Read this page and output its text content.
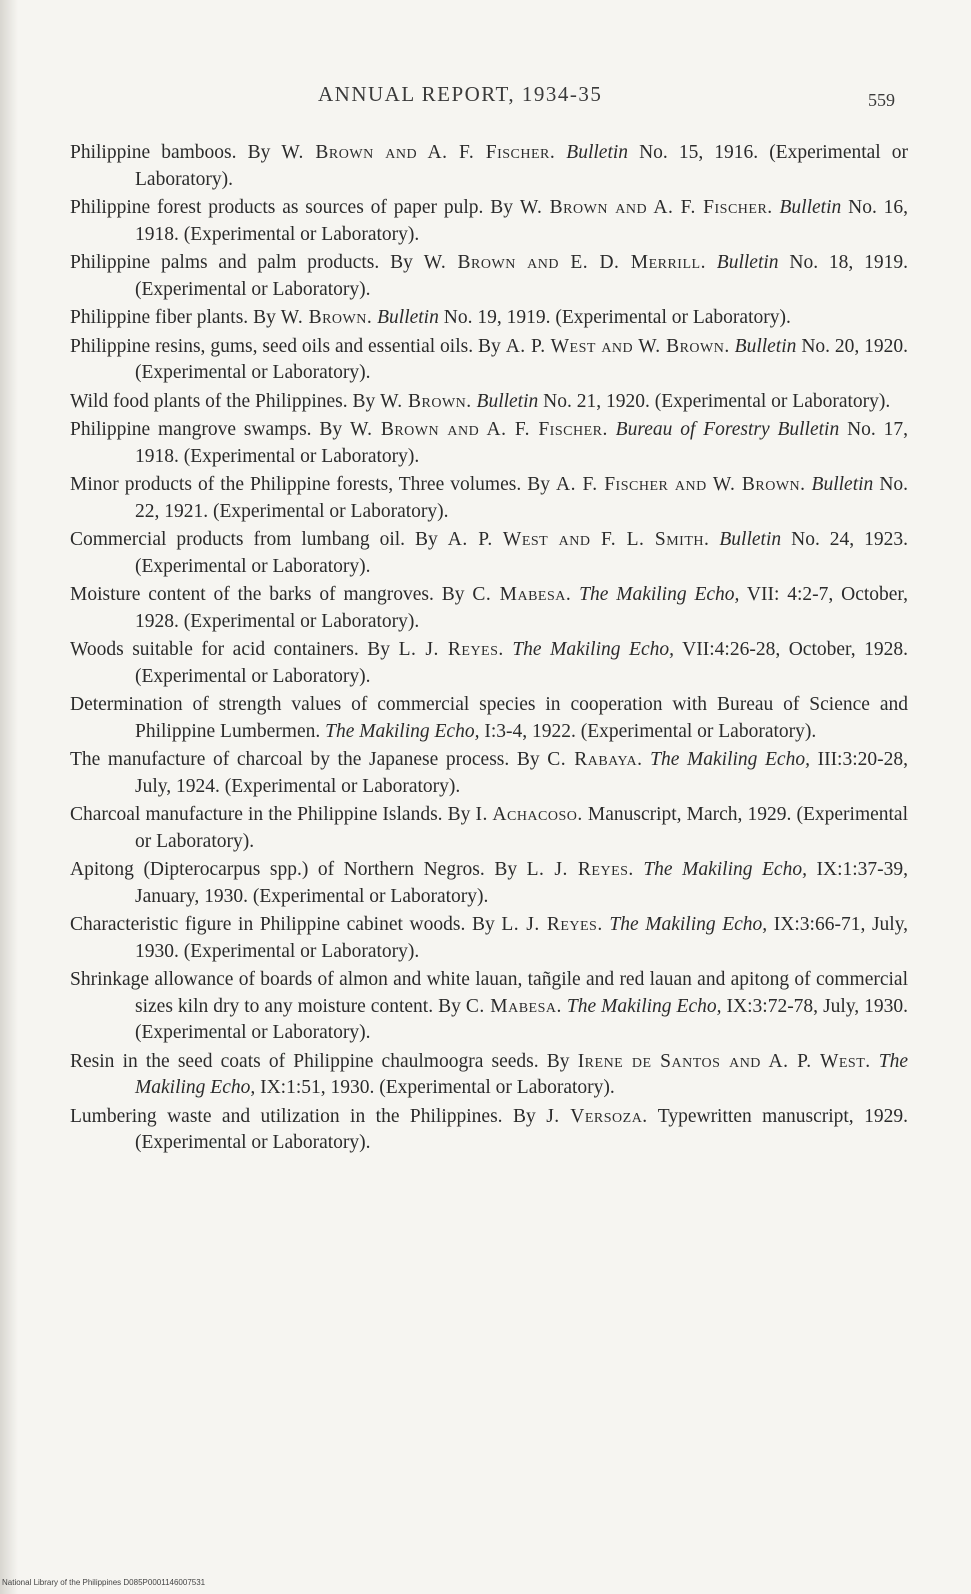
ANNUAL REPORT, 1934-35	559
Philippine bamboos. By W. Brown and A. F. Fischer. Bulletin No. 15, 1916. (Experimental or Laboratory).
Philippine forest products as sources of paper pulp. By W. Brown and A. F. Fischer. Bulletin No. 16, 1918. (Experimental or Laboratory).
Philippine palms and palm products. By W. Brown and E. D. Merrill. Bulletin No. 18, 1919. (Experimental or Laboratory).
Philippine fiber plants. By W. Brown. Bulletin No. 19, 1919. (Experimental or Laboratory).
Philippine resins, gums, seed oils and essential oils. By A. P. West and W. Brown. Bulletin No. 20, 1920. (Experimental or Laboratory).
Wild food plants of the Philippines. By W. Brown. Bulletin No. 21, 1920. (Experimental or Laboratory).
Philippine mangrove swamps. By W. Brown and A. F. Fischer. Bureau of Forestry Bulletin No. 17, 1918. (Experimental or Laboratory).
Minor products of the Philippine forests, Three volumes. By A. F. Fischer and W. Brown. Bulletin No. 22, 1921. (Experimental or Laboratory).
Commercial products from lumbang oil. By A. P. West and F. L. Smith. Bulletin No. 24, 1923. (Experimental or Laboratory).
Moisture content of the barks of mangroves. By C. Mabesa. The Makiling Echo, VII: 4:2-7, October, 1928. (Experimental or Laboratory).
Woods suitable for acid containers. By L. J. Reyes. The Makiling Echo, VII:4:26-28, October, 1928. (Experimental or Laboratory).
Determination of strength values of commercial species in cooperation with Bureau of Science and Philippine Lumbermen. The Makiling Echo, I:3-4, 1922. (Experimental or Laboratory).
The manufacture of charcoal by the Japanese process. By C. Rabaya. The Makiling Echo, III:3:20-28, July, 1924. (Experimental or Laboratory).
Charcoal manufacture in the Philippine Islands. By I. Achacoso. Manuscript, March, 1929. (Experimental or Laboratory).
Apitong (Dipterocarpus spp.) of Northern Negros. By L. J. Reyes. The Makiling Echo, IX:1:37-39, January, 1930. (Experimental or Laboratory).
Characteristic figure in Philippine cabinet woods. By L. J. Reyes. The Makiling Echo, IX:3:66-71, July, 1930. (Experimental or Laboratory).
Shrinkage allowance of boards of almon and white lauan, tañgile and red lauan and apitong of commercial sizes kiln dry to any moisture content. By C. Mabesa. The Makiling Echo, IX:3:72-78, July, 1930. (Experimental or Laboratory).
Resin in the seed coats of Philippine chaulmoogra seeds. By Irene de Santos and A. P. West. The Makiling Echo, IX:1:51, 1930. (Experimental or Laboratory).
Lumbering waste and utilization in the Philippines. By J. Versoza. Typewritten manuscript, 1929. (Experimental or Laboratory).
National Library of the Philippines D085P0001146007531
